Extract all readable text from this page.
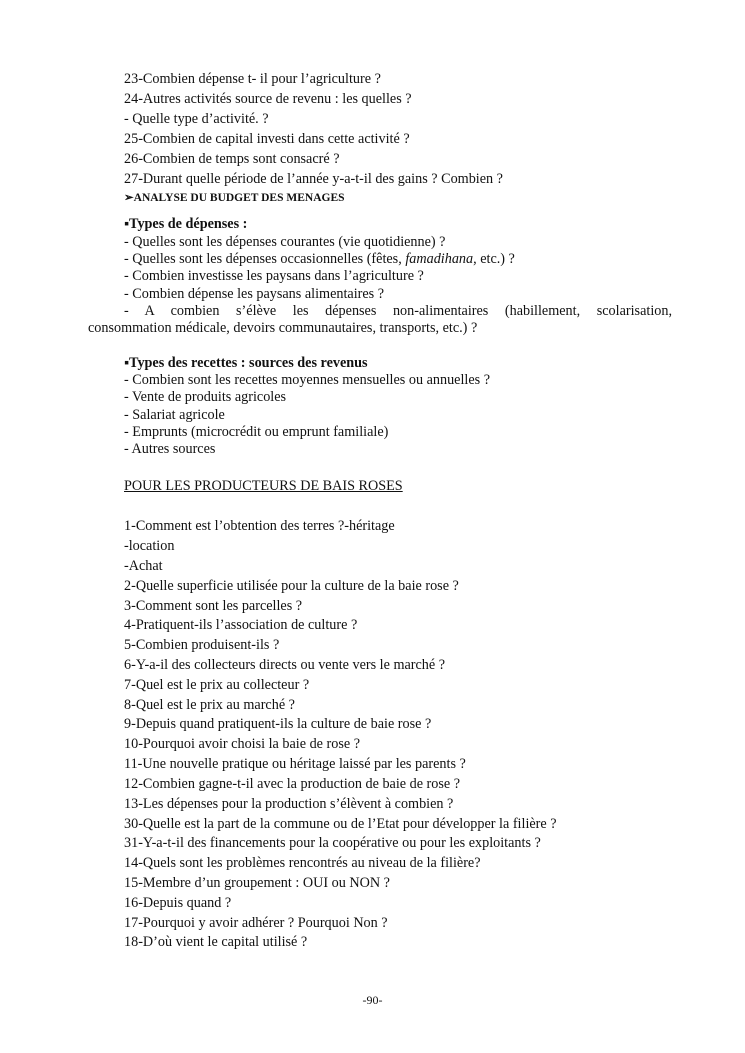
23-Combien dépense t- il pour l’agriculture ?
24-Autres activités source de revenu : les quelles ?
- Quelle type d’activité. ?
25-Combien de capital investi dans cette activité ?
26-Combien de temps sont consacré ?
27-Durant quelle période de l’année y-a-t-il des gains ? Combien ?
➢ANALYSE DU BUDGET DES MENAGES
▪Types de dépenses :
- Quelles sont les dépenses courantes (vie quotidienne) ?
- Quelles sont les dépenses occasionnelles (fêtes, famadihana, etc.) ?
- Combien investisse les paysans dans l’agriculture ?
- Combien dépense les paysans alimentaires ?
- A combien s’élève les dépenses non-alimentaires (habillement, scolarisation,
consommation médicale, devoirs communautaires, transports, etc.) ?
▪Types des recettes : sources des revenus
- Combien sont les recettes moyennes mensuelles ou annuelles ?
- Vente de produits agricoles
- Salariat agricole
- Emprunts (microcrédit ou emprunt familiale)
- Autres sources
POUR LES PRODUCTEURS DE BAIS ROSES
1-Comment est l’obtention des terres ?-héritage
-location
-Achat
2-Quelle superficie utilisée pour la culture de la baie rose ?
3-Comment sont les parcelles ?
4-Pratiquent-ils l’association de culture ?
5-Combien produisent-ils ?
6-Y-a-il des collecteurs directs ou vente vers le marché ?
7-Quel est le prix au collecteur ?
8-Quel est le prix au marché ?
9-Depuis quand pratiquent-ils la culture de baie rose ?
10-Pourquoi avoir choisi la baie de rose ?
11-Une nouvelle pratique ou héritage laissé par les parents ?
12-Combien gagne-t-il avec la production de baie de rose ?
13-Les dépenses pour la production s’élèvent à combien ?
30-Quelle est la part de la commune ou de l’Etat pour développer la filière ?
31-Y-a-t-il des financements pour la coopérative ou pour les exploitants ?
14-Quels sont les problèmes rencontrés au niveau de la filière?
15-Membre d’un groupement : OUI ou NON ?
16-Depuis quand ?
17-Pourquoi y avoir adhérer ? Pourquoi Non ?
18-D’où vient le capital utilisé ?
-90-
